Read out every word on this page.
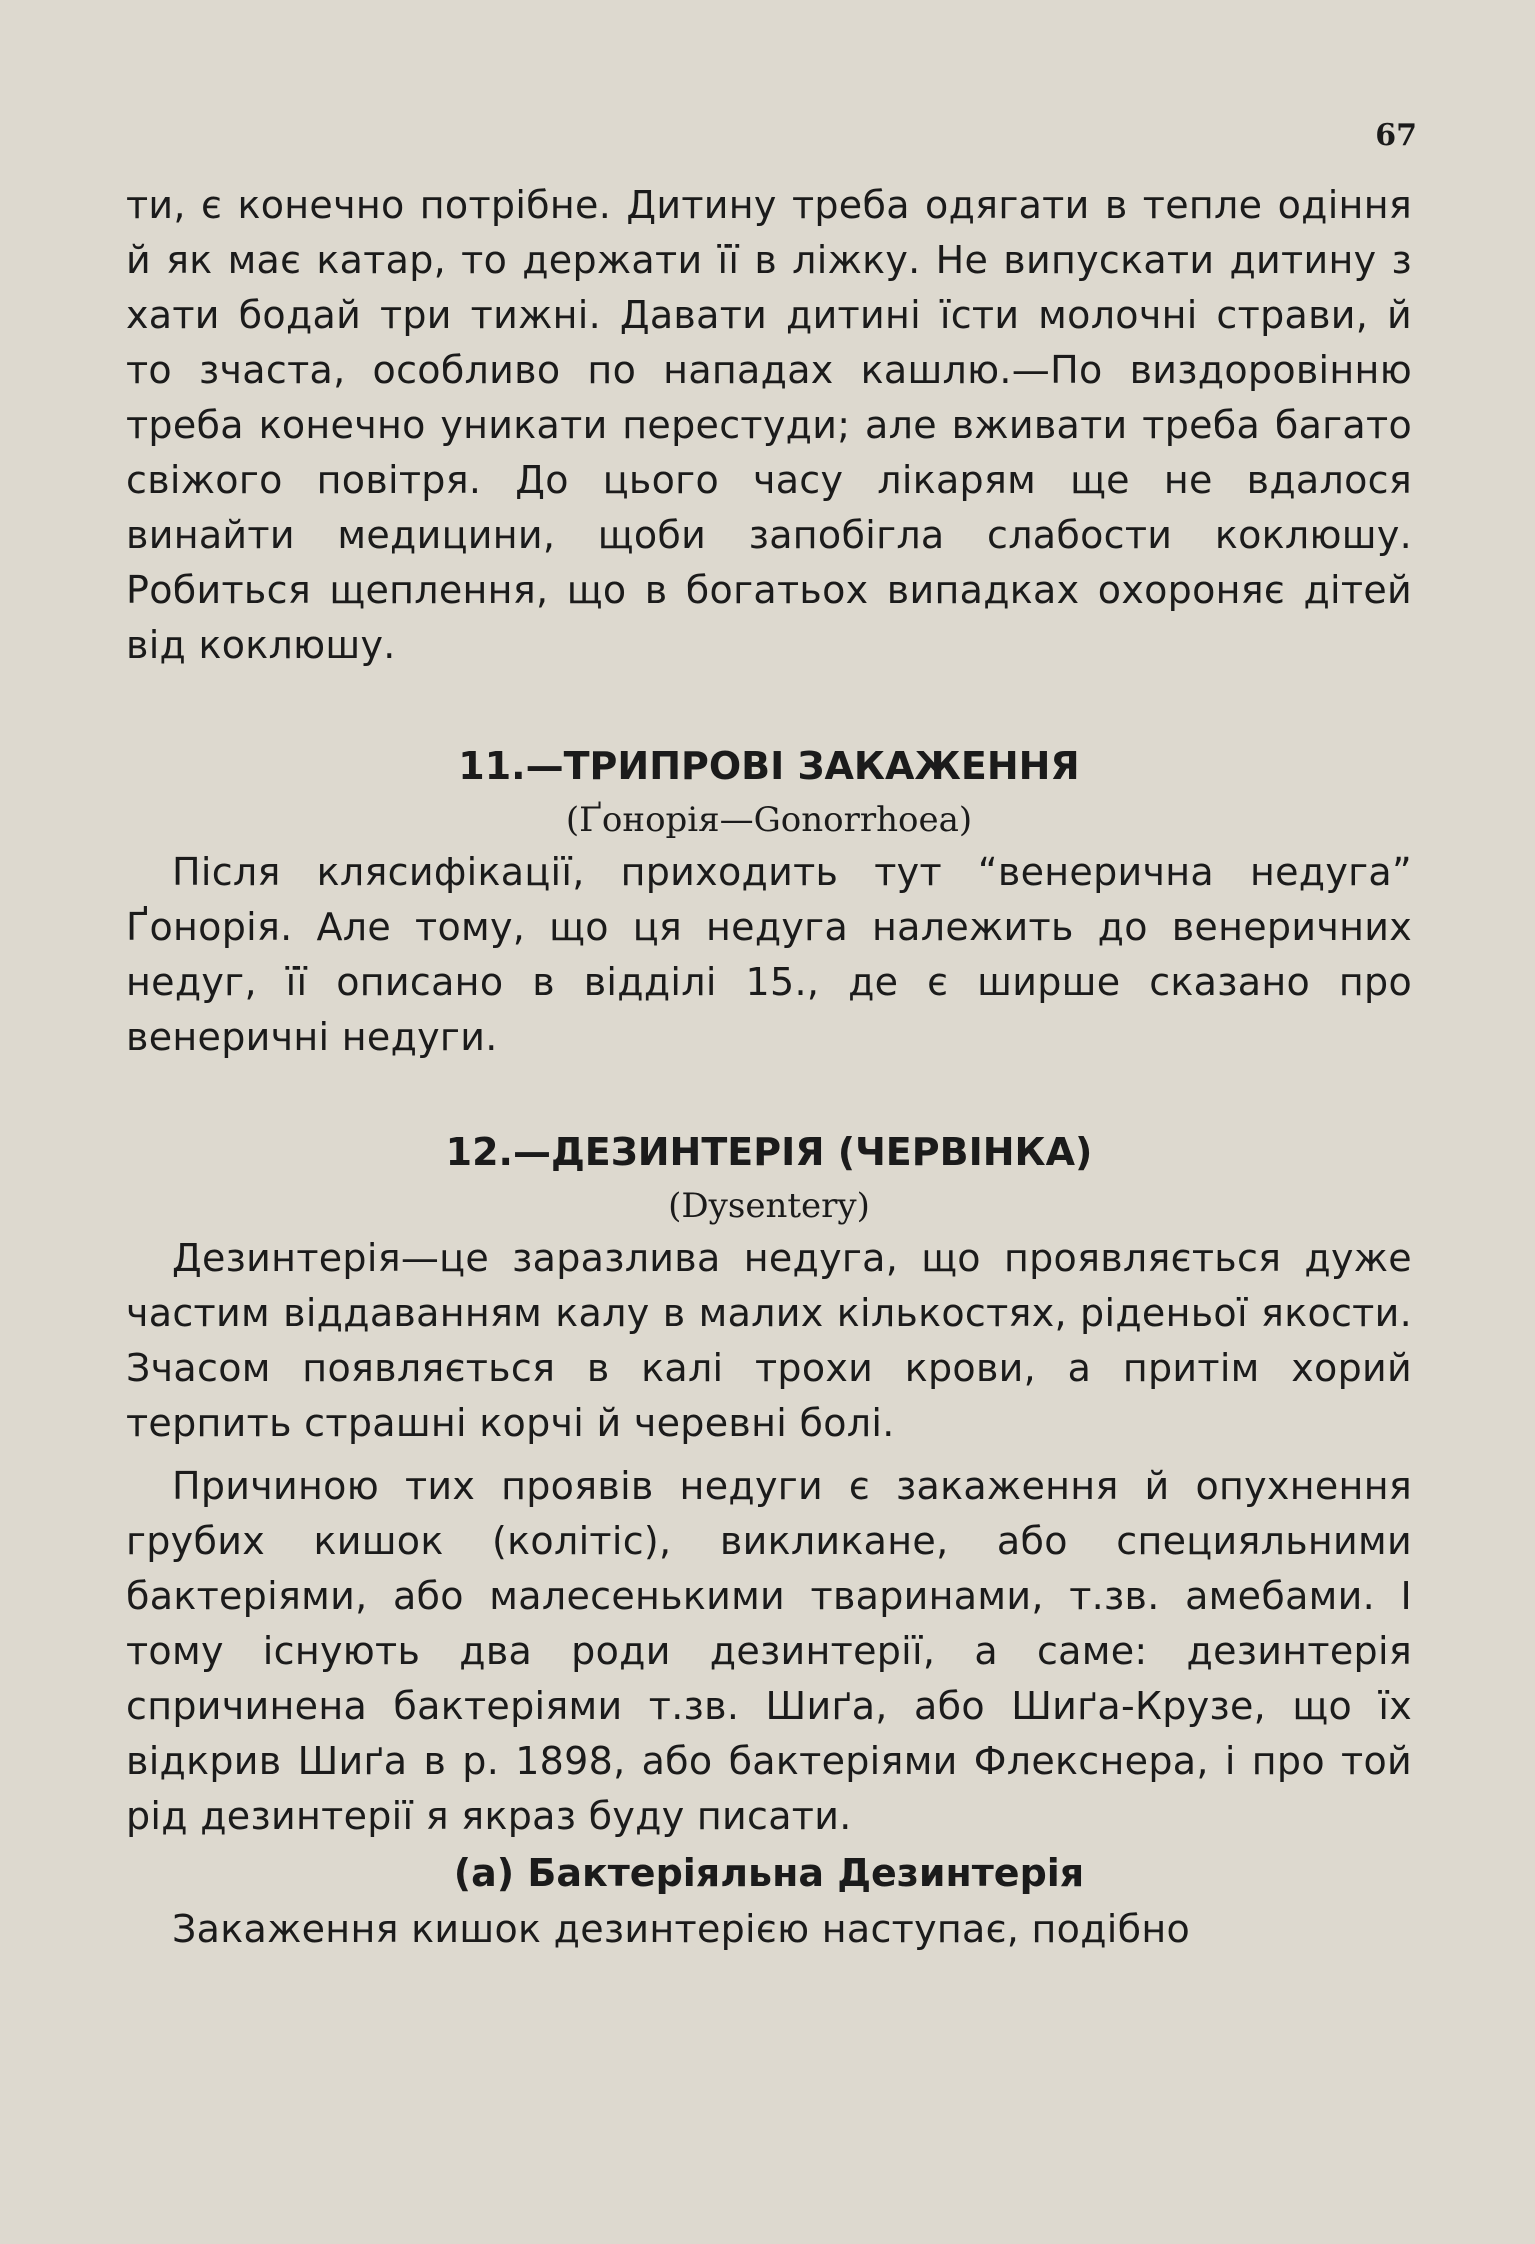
67

ти, є конечно потрібне. Дитину треба одягати в тепле одіння й як має катар, то держати її в ліжку. Не випускати дитину з хати бодай три тижні. Давати дитині їсти молочні страви, й то зчаста, особливо по нападах кашлю.—По виздоровінню треба конечно уникати перестуди; але вживати треба багато свіжого повітря. До цього часу лікарям ще не вдалося винайти медицини, щоби запобігла слабости коклюшу. Робиться щеплення, що в богатьох випадках охороняє дітей від коклюшу.

11.—ТРИПРОВІ ЗАКАЖЕННЯ

(Ґонорія—Gonorrhoea)

Після клясифікації, приходить тут “венерична недуга” Ґонорія. Але тому, що ця недуга належить до венеричних недуг, її описано в відділі 15., де є ширше сказано про венеричні недуги.

12.—ДЕЗИНТЕРІЯ (ЧЕРВІНКА)

(Dysentery)

Дезинтерія—це заразлива недуга, що проявляється дуже частим віддаванням калу в малих кількостях, рідeньої якости. Зчасом появляється в калі трохи крови, а притім хорий терпить страшні корчі й черевні болі.

Причиною тих проявів недуги є закаження й опухнення грубих кишок (колітіс), викликане, або специяльними бактеріями, або малесенькими тваринами, т.зв. амебами. І тому існують два роди дезинтерії, а саме: дезинтерія спричинена бактеріями т.зв. Шиґа, або Шиґа-Крузе, що їх відкрив Шиґа в р. 1898, або бактеріями Флекснера, і про той рід дезинтерії я якраз буду писати.

(а) Бактеріяльна Дезинтерія

Закаження кишок дезинтерією наступає, подібно
